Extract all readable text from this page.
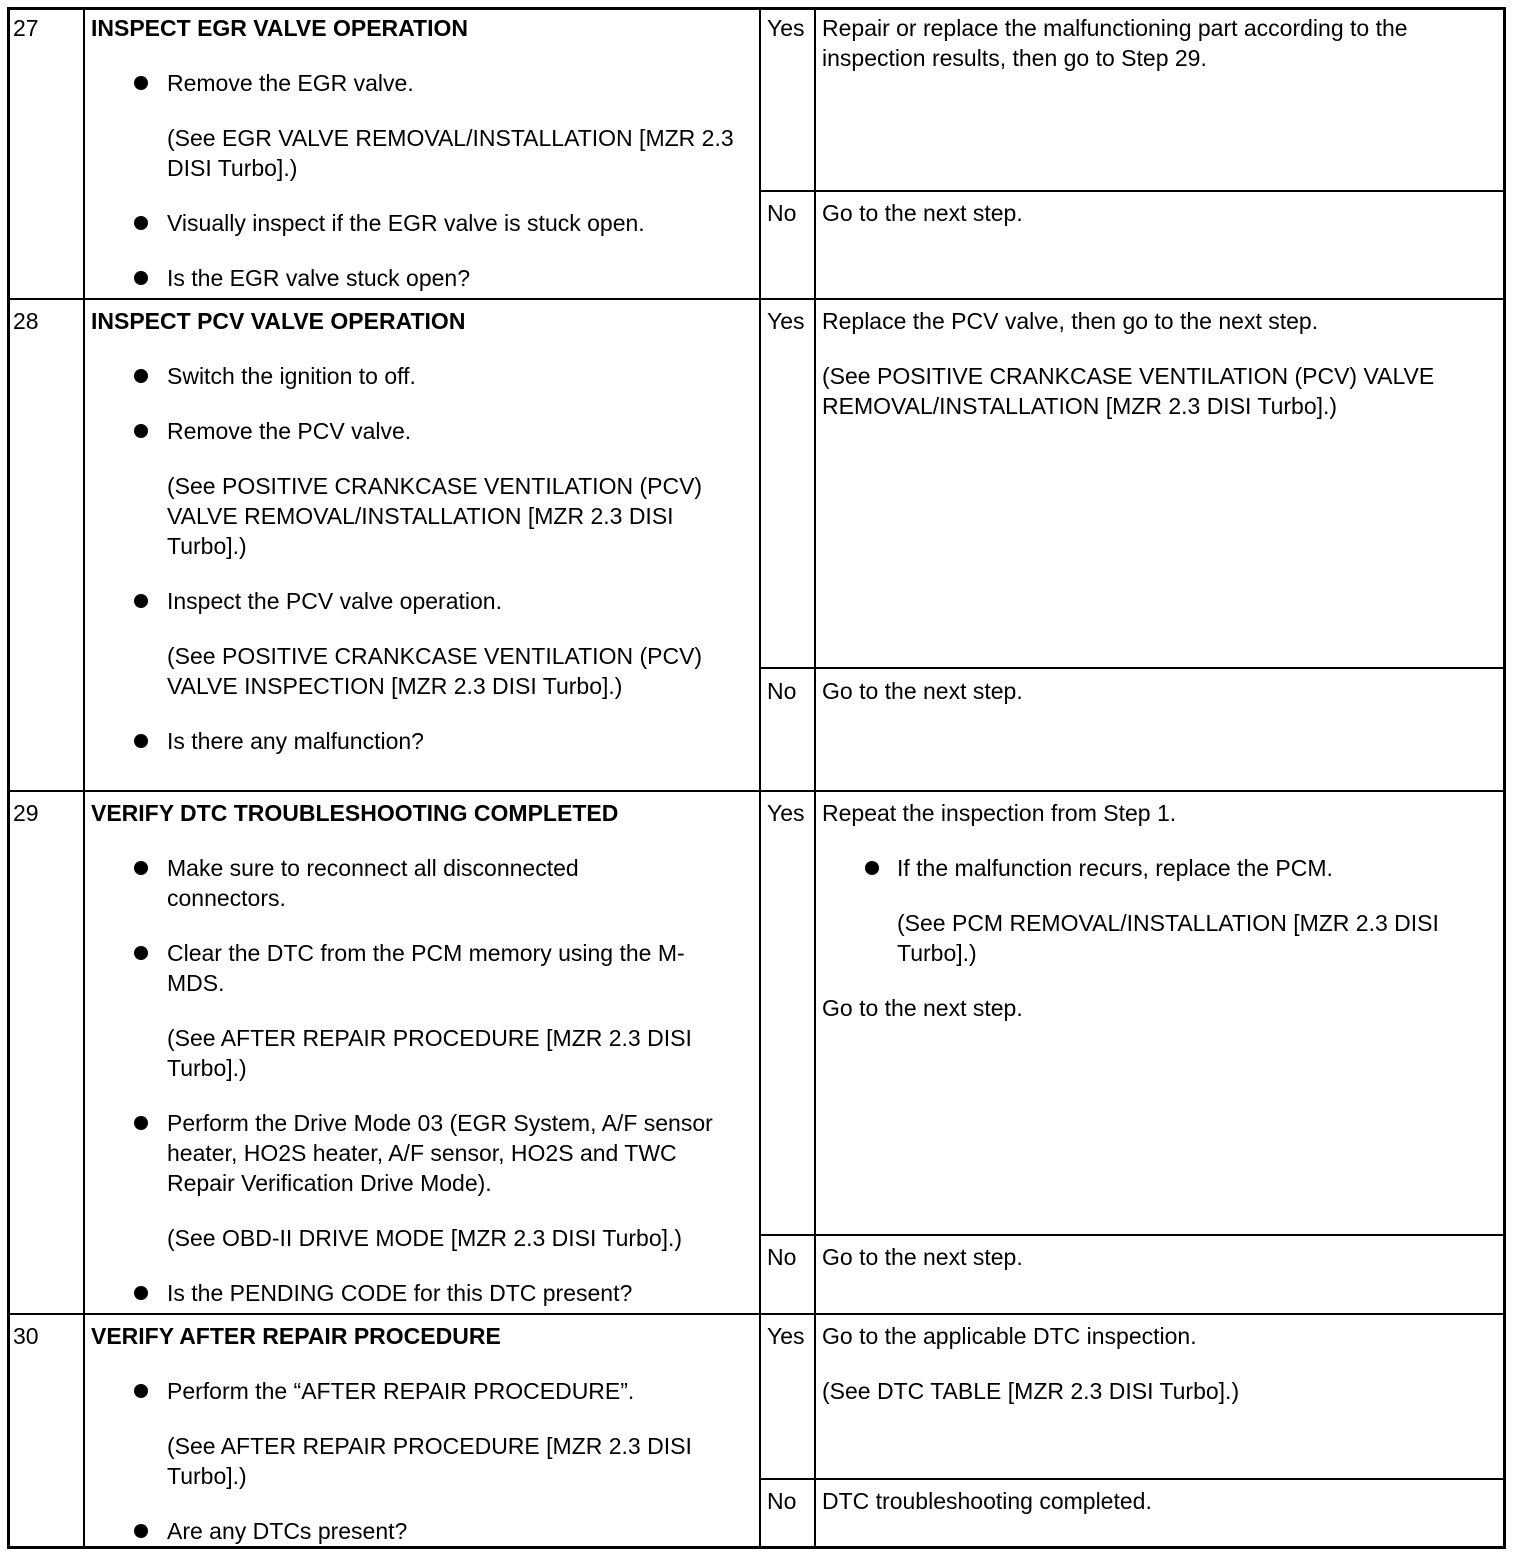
27	INSPECT EGR VALVE OPERATION

Remove the EGR valve.
(See EGR VALVE REMOVAL/INSTALLATION [MZR 2.3 DISI Turbo].)
Visually inspect if the EGR valve is stuck open.
Is the EGR valve stuck open?
Yes Repair or replace the malfunctioning part according to the inspection results, then go to Step 29.
No	Go to the next step.
28	INSPECT PCV VALVE OPERATION

Switch the ignition to off.
Remove the PCV valve.
(See POSITIVE CRANKCASE VENTILATION (PCV) VALVE REMOVAL/INSTALLATION [MZR 2.3 DISI Turbo].)
Inspect the PCV valve operation.
(See POSITIVE CRANKCASE VENTILATION (PCV) VALVE INSPECTION [MZR 2.3 DISI Turbo].)
Is there any malfunction?
Yes Replace the PCV valve, then go to the next step.
(See POSITIVE CRANKCASE VENTILATION (PCV) VALVE REMOVAL/INSTALLATION [MZR 2.3 DISI Turbo].)
No	Go to the next step.
29	VERIFY DTC TROUBLESHOOTING COMPLETED

Make sure to reconnect all disconnected connectors.
Clear the DTC from the PCM memory using the M-MDS.
(See AFTER REPAIR PROCEDURE [MZR 2.3 DISI Turbo].)
Perform the Drive Mode 03 (EGR System, A/F sensor heater, HO2S heater, A/F sensor, HO2S and TWC Repair Verification Drive Mode).
(See OBD-II DRIVE MODE [MZR 2.3 DISI Turbo].)
Is the PENDING CODE for this DTC present?
Yes Repeat the inspection from Step 1.
If the malfunction recurs, replace the PCM.
(See PCM REMOVAL/INSTALLATION [MZR 2.3 DISI Turbo].)
Go to the next step.
No	Go to the next step.
30	VERIFY AFTER REPAIR PROCEDURE

Perform the “AFTER REPAIR PROCEDURE”.
(See AFTER REPAIR PROCEDURE [MZR 2.3 DISI Turbo].)
Are any DTCs present?
Yes Go to the applicable DTC inspection.
(See DTC TABLE [MZR 2.3 DISI Turbo].)
No	DTC troubleshooting completed.
